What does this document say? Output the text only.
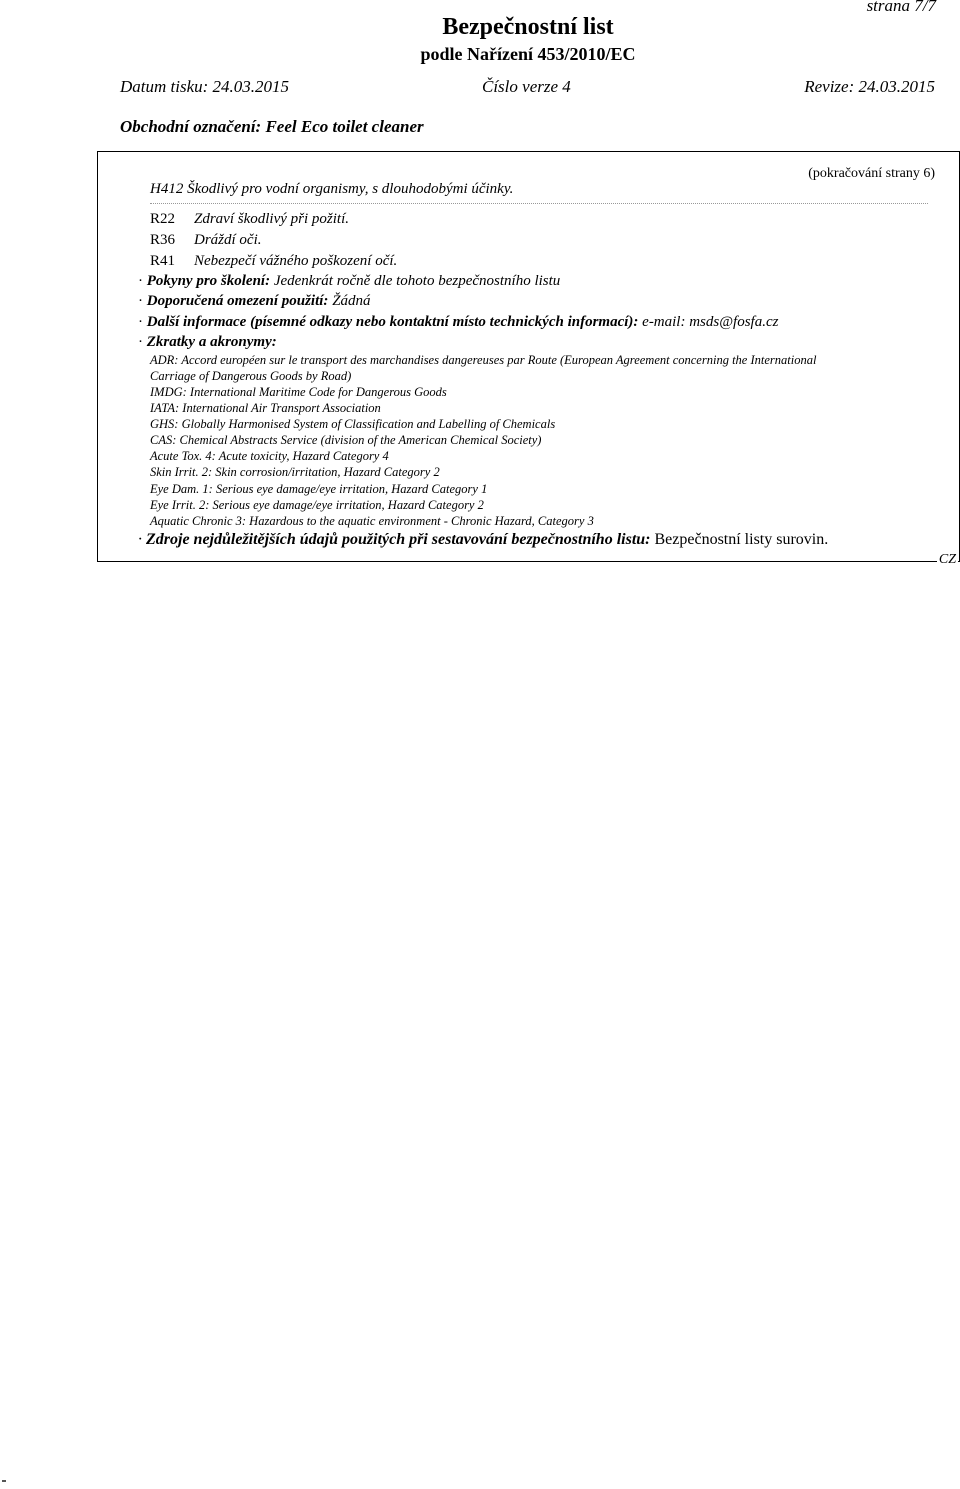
strana 7/7
Bezpečnostní list
podle Nařízení 453/2010/EC
Datum tisku: 24.03.2015	Číslo verze 4	Revize: 24.03.2015
Obchodní označení: Feel Eco toilet cleaner
(pokračování strany 6)
H412 Škodlivý pro vodní organismy, s dlouhodobými účinky.
R22 Zdraví škodlivý při požití.
R36 Dráždí oči.
R41 Nebezpečí vážného poškození očí.
· Pokyny pro školení: Jedenkrát ročně dle tohoto bezpečnostního listu
· Doporučená omezení použití: Žádná
· Další informace (písemné odkazy nebo kontaktní místo technických informací): e-mail: msds@fosfa.cz
· Zkratky a akronymy:
ADR: Accord européen sur le transport des marchandises dangereuses par Route (European Agreement concerning the International
Carriage of Dangerous Goods by Road)
IMDG: International Maritime Code for Dangerous Goods
IATA: International Air Transport Association
GHS: Globally Harmonised System of Classification and Labelling of Chemicals
CAS: Chemical Abstracts Service (division of the American Chemical Society)
Acute Tox. 4: Acute toxicity, Hazard Category 4
Skin Irrit. 2: Skin corrosion/irritation, Hazard Category 2
Eye Dam. 1: Serious eye damage/eye irritation, Hazard Category 1
Eye Irrit. 2: Serious eye damage/eye irritation, Hazard Category 2
Aquatic Chronic 3: Hazardous to the aquatic environment - Chronic Hazard, Category 3
· Zdroje nejdůležitějších údajů použitých při sestavování bezpečnostního listu: Bezpečnostní listy surovin.
CZ
